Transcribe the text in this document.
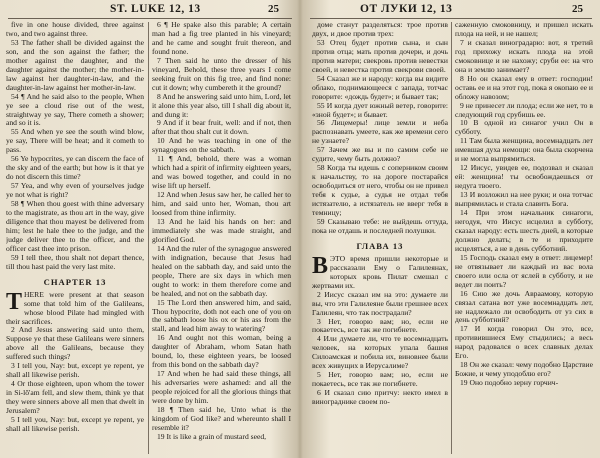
ST. LUKE 12, 13	25

five in one house divided, three against two, and two against three.

53 The father shall be divided against the son, and the son against the father; the mother against the daughter, and the daughter against the mother; the mother-in-law against her daughter-in-law, and the daughter-in-law against her mother-in-law.

54 ¶ And he said also to the people, When ye see a cloud rise out of the west, straightway ye say, There cometh a shower; and so it is.

55 And when ye see the south wind blow, ye say, There will be heat; and it cometh to pass.

56 Ye hypocrites, ye can discern the face of the sky and of the earth; but how is it that ye do not discern this time?

57 Yea, and why even of yourselves judge ye not what is right?

58 ¶ When thou goest with thine adversary to the magistrate, as thou art in the way, give diligence that thou mayest be delivered from him; lest he hale thee to the judge, and the judge deliver thee to the officer, and the officer cast thee into prison.

59 I tell thee, thou shalt not depart thence, till thou hast paid the very last mite.

CHAPTER 13

THERE were present at that season some that told him of the Galileans, whose blood Pilate had mingled with their sacrifices.

2 And Jesus answering said unto them, Suppose ye that these Galileans were sinners above all the Galileans, because they suffered such things?

3 I tell you, Nay: but, except ye repent, ye shall all likewise perish.

4 Or those eighteen, upon whom the tower in Si-lō'am fell, and slew them, think ye that they were sinners above all men that dwelt in Jerusalem?

5 I tell you, Nay: but, except ye repent, ye shall all likewise perish.

6 ¶ He spake also this parable; A certain man had a fig tree planted in his vineyard; and he came and sought fruit thereon, and found none.

7 Then said he unto the dresser of his vineyard, Behold, these three years I come seeking fruit on this fig tree, and find none: cut it down; why cumbereth it the ground?

8 And he answering said unto him, Lord, let it alone this year also, till I shall dig about it, and dung it:

9 And if it bear fruit, well: and if not, then after that thou shalt cut it down.

10 And he was teaching in one of the synagogues on the sabbath.

11 ¶ And, behold, there was a woman which had a spirit of infirmity eighteen years, and was bowed together, and could in no wise lift up herself.

12 And when Jesus saw her, he called her to him, and said unto her, Woman, thou art loosed from thine infirmity.

13 And he laid his hands on her: and immediately she was made straight, and glorified God.

14 And the ruler of the synagogue answered with indignation, because that Jesus had healed on the sabbath day, and said unto the people, There are six days in which men ought to work: in them therefore come and be healed, and not on the sabbath day.

15 The Lord then answered him, and said, Thou hypocrite, doth not each one of you on the sabbath loose his ox or his ass from the stall, and lead him away to watering?

16 And ought not this woman, being a daughter of Abraham, whom Satan hath bound, lo, these eighteen years, be loosed from this bond on the sabbath day?

17 And when he had said these things, all his adversaries were ashamed: and all the people rejoiced for all the glorious things that were done by him.

18 ¶ Then said he, Unto what is the kingdom of God like? and whereunto shall I resemble it?

19 It is like a grain of mustard seed,

ОТ ЛУКИ 12, 13	25

доме станут разделяться: трое против двух, и двое против трех:

53 Отец будет против сына, и сын против отца; мать против дочери, и дочь против матери; свекровь против невестки своей, и невестка против свекрови своей.

54 Сказал же и народу: когда вы видите облако, поднимающееся с запада, тотчас говорите: «дождь будет»; и бывает так;

55 И когда дует южный ветер, говорите: «зной будет»; и бывает.

56 Лицемеры! лице земли и неба распознавать умеете, как же времени сего не узнаете?

57 Зачем же вы и по самим себе не судите, чему быть должно?

58 Когда ты идешь с соперником своим к начальству, то на дороге постарайся освободиться от него, чтобы он не привел тебя к судье, а судья не отдал тебя истязателю, а истязатель не вверг тебя в темницу;

59 Сказываю тебе: не выйдешь оттуда, пока не отдашь и последней полушки.

ГЛАВА 13

ВЭТО время пришли некоторые и рассказали Ему о Галилеянах, которых кровь Пилат смешал с жертвами их.

2 Иисус сказал им на это: думаете ли вы, что эти Галилеяне были грешнее всех Галилеян, что так пострадали?

3 Нет, говорю вам; но, если не покаетесь, все так же погибнете.

4 Или думаете ли, что те восемнадцать человек, на которых упала башня Силоамская и побила их, виновнее были всех живущих в Иерусалиме?

5 Нет, говорю вам; но, если не покаетесь, все так же погибнете.

6 И сказал сию притчу: некто имел в винограднике своем по-

саженную смоковницу, и пришел искать плода на ней, и не нашел;

7 и сказал виноградарю: вот, я третий год прихожу искать плода на этой смоковнице и не нахожу; сруби ее: на что она и землю занимает?

8 Но он сказал ему в ответ: господин! оставь ее и на этот год, пока я окопаю ее и обложу навозом;

9 не принесет ли плода; если же нет, то в следующий год срубишь ее.

10 В одной из синагог учил Он в субботу.

11 Там была женщина, восемнадцать лет имевшая духа немощи: она была скорчена и не могла выпрямиться.

12 Иисус, увидев ее, подозвал и сказал ей: женщина! ты освобождаешься от недуга твоего.

13 И возложил на нее руки; и она тотчас выпрямилась и стала славить Бога.

14 При этом начальник синагоги, негодуя, что Иисус исцелил в субботу, сказал народу: есть шесть дней, в которые должно делать; в те и приходите исцеляться, а не в день субботний.

15 Господь сказал ему в ответ: лицемер! не отвязывает ли каждый из вас вола своего или осла от яслей в субботу, и не ведет ли поить?

16 Сию же дочь Авраамову, которую связал сатана вот уже восемнадцать лет, не надлежало ли освободить от уз сих в день субботний?

17 И когда говорил Он это, все, противившиеся Ему стыдились; а весь народ радовался о всех славных делах Его.

18 Он же сказал: чему подобно Царствие Божие, и чему уподоблю его?

19 Оно подобно зерну горчич-
